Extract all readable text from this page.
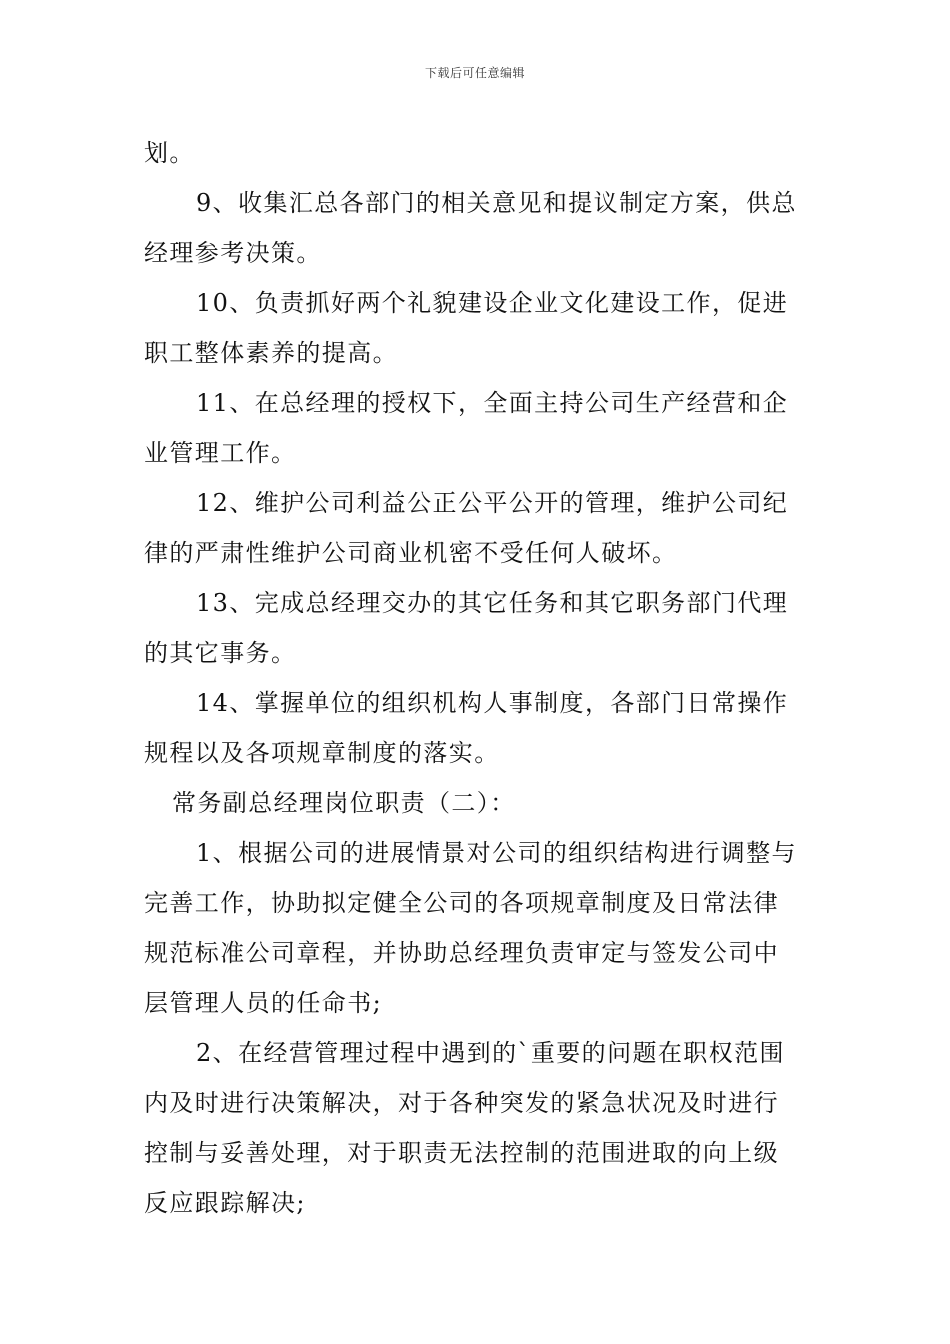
下载后可任意编辑
划。
9、收集汇总各部门的相关意见和提议制定方案，供总
经理参考决策。
10、负责抓好两个礼貌建设企业文化建设工作，促进
职工整体素养的提高。
11、在总经理的授权下，全面主持公司生产经营和企
业管理工作。
12、维护公司利益公正公平公开的管理，维护公司纪
律的严肃性维护公司商业机密不受任何人破坏。
13、完成总经理交办的其它任务和其它职务部门代理
的其它事务。
14、掌握单位的组织机构人事制度，各部门日常操作
规程以及各项规章制度的落实。
常务副总经理岗位职责（二）：
1、根据公司的进展情景对公司的组织结构进行调整与
完善工作，协助拟定健全公司的各项规章制度及日常法律
规范标准公司章程，并协助总经理负责审定与签发公司中
层管理人员的任命书;
2、在经营管理过程中遇到的`重要的问题在职权范围
内及时进行决策解决，对于各种突发的紧急状况及时进行
控制与妥善处理，对于职责无法控制的范围进取的向上级
反应跟踪解决;
